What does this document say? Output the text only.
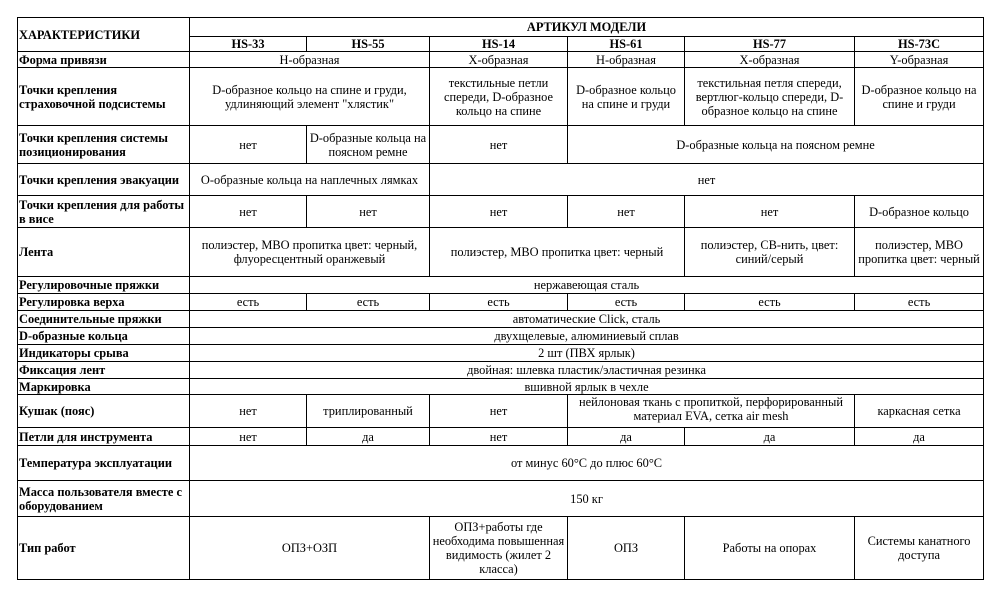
ХАРАКТЕРИСТИКИ	АРТИКУЛ МОДЕЛИ					
	HS-33	HS-55	HS-14	HS-61	HS-77	HS-73C
Форма привязи	H-образная		X-образная	H-образная	X-образная	Y-образная
Точки крепления страховочной подсистемы	D-образное кольцо на спине и груди, удлиняющий элемент "хлястик"		текстильные петли спереди, D-образное кольцо на спине	D-образное кольцо на спине и груди	текстильная петля спереди, вертлюг-кольцо спереди, D-образное кольцо на спине	D-образное кольцо на спине и груди
Точки крепления системы позиционирования	нет	D-образные кольца на поясном ремне	нет	D-образные кольца на поясном ремне		
Точки крепления эвакуации	O-образные кольца на наплечных лямках		нет			
Точки крепления для работы в висе	нет	нет	нет	нет	нет	D-образное кольцо
Лента	полиэстер, МВО пропитка цвет: черный, флуоресцентный оранжевый		полиэстер, МВО пропитка цвет: черный		полиэстер, СВ-нить, цвет: синий/серый	полиэстер, МВО пропитка цвет: черный
Регулировочные пряжки	нержавеющая сталь					
Регулировка верха	есть	есть	есть	есть	есть	есть
Соединительные пряжки	автоматические Click, сталь					
D-образные кольца	двухщелевые, алюминиевый сплав					
Индикаторы срыва	2 шт (ПВХ ярлык)					
Фиксация лент	двойная: шлевка пластик/эластичная резинка					
Маркировка	вшивной ярлык в чехле					
Кушак (пояс)	нет	триплированный	нет	нейлоновая ткань с пропиткой, перфорированный материал EVA, сетка air mesh		каркасная сетка
Петли для инструмента	нет	да	нет	да	да	да
Температура эксплуатации	от минус 60°С до плюс 60°С					
Масса пользователя вместе с оборудованием	150 кг					
Тип работ	ОПЗ+ОЗП		ОПЗ+работы где необходима повышенная видимость (жилет 2 класса)	ОПЗ	Работы на опорах	Системы канатного доступа
